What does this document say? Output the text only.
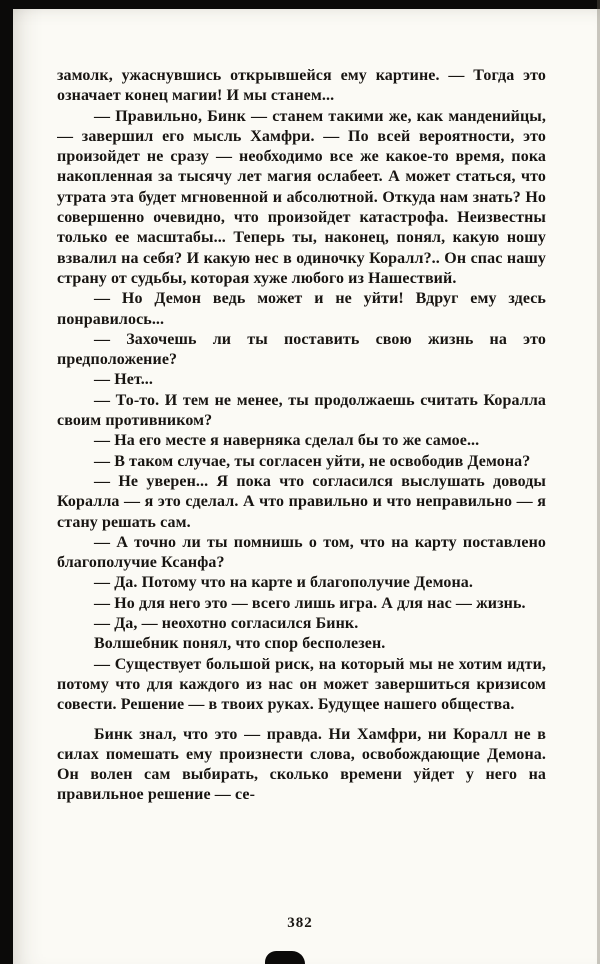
замолк, ужаснувшись открывшейся ему картине. — Тогда это означает конец магии! И мы станем...

— Правильно, Бинк — станем такими же, как манденийцы, — завершил его мысль Хамфри. — По всей вероятности, это произойдет не сразу — необходимо все же какое-то время, пока накопленная за тысячу лет магия ослабеет. А может статься, что утрата эта будет мгновенной и абсолютной. Откуда нам знать? Но совершенно очевидно, что произойдет катастрофа. Неизвестны только ее масштабы... Теперь ты, наконец, понял, какую ношу взвалил на себя? И какую нес в одиночку Коралл?.. Он спас нашу страну от судьбы, которая хуже любого из Нашествий.

— Но Демон ведь может и не уйти! Вдруг ему здесь понравилось...

— Захочешь ли ты поставить свою жизнь на это предположение?

— Нет...

— То-то. И тем не менее, ты продолжаешь считать Коралла своим противником?

— На его месте я наверняка сделал бы то же самое...

— В таком случае, ты согласен уйти, не освободив Демона?

— Не уверен... Я пока что согласился выслушать доводы Коралла — я это сделал. А что правильно и что неправильно — я стану решать сам.

— А точно ли ты помнишь о том, что на карту поставлено благополучие Ксанфа?

— Да. Потому что на карте и благополучие Демона.

— Но для него это — всего лишь игра. А для нас — жизнь.

— Да, — неохотно согласился Бинк.

Волшебник понял, что спор бесполезен.

— Существует большой риск, на который мы не хотим идти, потому что для каждого из нас он может завершиться кризисом совести. Решение — в твоих руках. Будущее нашего общества.

Бинк знал, что это — правда. Ни Хамфри, ни Коралл не в силах помешать ему произнести слова, освобождающие Демона. Он волен сам выбирать, сколько времени уйдет у него на правильное решение — се-

382
